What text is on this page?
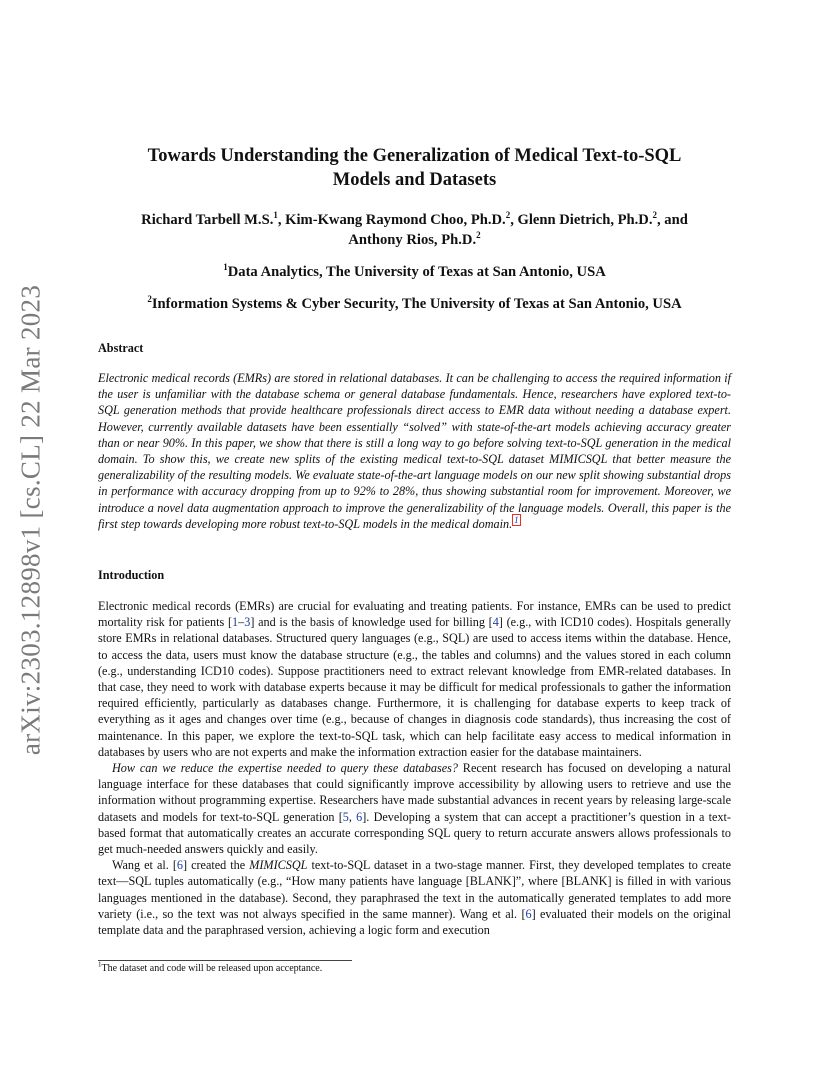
arXiv:2303.12898v1 [cs.CL] 22 Mar 2023
Towards Understanding the Generalization of Medical Text-to-SQL
Models and Datasets
Richard Tarbell M.S.$^1$, Kim-Kwang Raymond Choo, Ph.D.$^2$, Glenn Dietrich, Ph.D.$^2$, and
Anthony Rios, Ph.D.$^2$
$^1$Data Analytics, The University of Texas at San Antonio, USA
$^2$Information Systems & Cyber Security, The University of Texas at San Antonio, USA
Abstract
Electronic medical records (EMRs) are stored in relational databases. It can be challenging to access the required information if the user is unfamiliar with the database schema or general database fundamentals. Hence, researchers have explored text-to-SQL generation methods that provide healthcare professionals direct access to EMR data without needing a database expert. However, currently available datasets have been essentially “solved” with state-of-the-art models achieving accuracy greater than or near 90%. In this paper, we show that there is still a long way to go before solving text-to-SQL generation in the medical domain. To show this, we create new splits of the existing medical text-to-SQL dataset MIMICSQL that better measure the generalizability of the resulting models. We evaluate state-of-the-art language models on our new split showing substantial drops in performance with accuracy dropping from up to 92% to 28%, thus showing substantial room for improvement. Moreover, we introduce a novel data augmentation approach to improve the generalizability of the language models. Overall, this paper is the first step towards developing more robust text-to-SQL models in the medical domain. $^1$
Introduction

Electronic medical records (EMRs) are crucial for evaluating and treating patients. For instance, EMRs can be used to predict mortality risk for patients [1–3] and is the basis of knowledge used for billing [4] (e.g., with ICD10 codes). Hospitals generally store EMRs in relational databases. Structured query languages (e.g., SQL) are used to access items within the database. Hence, to access the data, users must know the database structure (e.g., the tables and columns) and the values stored in each column (e.g., understanding ICD10 codes). Suppose practitioners need to extract relevant knowledge from EMR-related databases. In that case, they need to work with database experts because it may be difficult for medical professionals to gather the information required efficiently, particularly as databases change. Furthermore, it is challenging for database experts to keep track of everything as it ages and changes over time (e.g., because of changes in diagnosis code standards), thus increasing the cost of maintenance. In this paper, we explore the text-to-SQL task, which can help facilitate easy access to medical information in databases by users who are not experts and make the information extraction easier for the database maintainers.

How can we reduce the expertise needed to query these databases? Recent research has focused on developing a natural language interface for these databases that could significantly improve accessibility by allowing users to retrieve and use the information without programming expertise. Researchers have made substantial advances in recent years by releasing large-scale datasets and models for text-to-SQL generation [5, 6]. Developing a system that can accept a practitioner’s question in a text-based format that automatically creates an accurate corresponding SQL query to return accurate answers allows professionals to get much-needed answers quickly and easily.

Wang et al. [6] created the MIMICSQL text-to-SQL dataset in a two-stage manner. First, they developed templates to create text—SQL tuples automatically (e.g., “How many patients have language [BLANK]”, where [BLANK] is filled in with various languages mentioned in the database). Second, they paraphrased the text in the automatically generated templates to add more variety (i.e., so the text was not always specified in the same manner). Wang et al. [6] evaluated their models on the original template data and the paraphrased version, achieving a logic form and execution

$^1$The dataset and code will be released upon acceptance.
